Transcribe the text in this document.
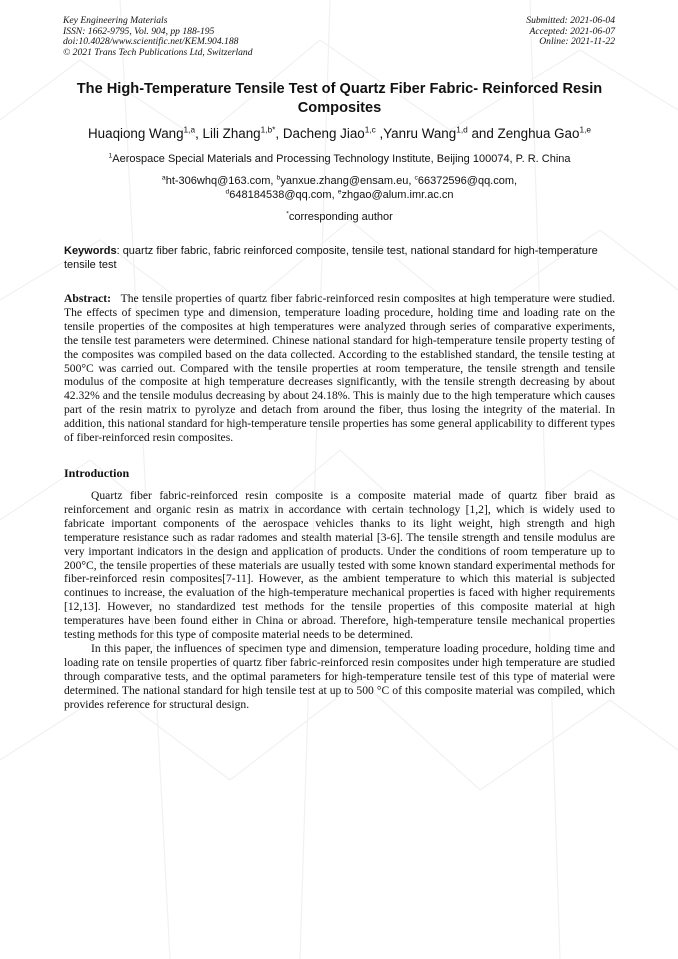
Key Engineering Materials
ISSN: 1662-9795, Vol. 904, pp 188-195
doi:10.4028/www.scientific.net/KEM.904.188
© 2021 Trans Tech Publications Ltd, Switzerland
Submitted: 2021-06-04
Accepted: 2021-06-07
Online: 2021-11-22
The High-Temperature Tensile Test of Quartz Fiber Fabric- Reinforced Resin Composites
Huaqiong Wang$^{1,a}$, Lili Zhang$^{1,b*}$, Dacheng Jiao$^{1,c}$ ,Yanru Wang$^{1,d}$ and Zenghua Gao$^{1,e}$
$^1$Aerospace Special Materials and Processing Technology Institute, Beijing 100074, P. R. China
$^a$ht-306whq@163.com, $^b$yanxue.zhang@ensam.eu, $^c$66372596@qq.com,
$^d$648184538@qq.com, $^e$zhgao@alum.imr.ac.cn
*corresponding author
Keywords: quartz fiber fabric, fabric reinforced composite, tensile test, national standard for high-temperature tensile test
Abstract: The tensile properties of quartz fiber fabric-reinforced resin composites at high temperature were studied. The effects of specimen type and dimension, temperature loading procedure, holding time and loading rate on the tensile properties of the composites at high temperatures were analyzed through series of comparative experiments, the tensile test parameters were determined. Chinese national standard for high-temperature tensile property testing of the composites was compiled based on the data collected. According to the established standard, the tensile testing at 500°C was carried out. Compared with the tensile properties at room temperature, the tensile strength and tensile modulus of the composite at high temperature decreases significantly, with the tensile strength decreasing by about 42.32% and the tensile modulus decreasing by about 24.18%. This is mainly due to the high temperature which causes part of the resin matrix to pyrolyze and detach from around the fiber, thus losing the integrity of the material. In addition, this national standard for high-temperature tensile properties has some general applicability to different types of fiber-reinforced resin composites.
Introduction
Quartz fiber fabric-reinforced resin composite is a composite material made of quartz fiber braid as reinforcement and organic resin as matrix in accordance with certain technology [1,2], which is widely used to fabricate important components of the aerospace vehicles thanks to its light weight, high strength and high temperature resistance such as radar radomes and stealth material [3-6]. The tensile strength and tensile modulus are very important indicators in the design and application of products. Under the conditions of room temperature up to 200°C, the tensile properties of these materials are usually tested with some known standard experimental methods for fiber-reinforced resin composites[7-11]. However, as the ambient temperature to which this material is subjected continues to increase, the evaluation of the high-temperature mechanical properties is faced with higher requirements [12,13]. However, no standardized test methods for the tensile properties of this composite material at high temperatures have been found either in China or abroad. Therefore, high-temperature tensile mechanical properties testing methods for this type of composite material needs to be determined.
In this paper, the influences of specimen type and dimension, temperature loading procedure, holding time and loading rate on tensile properties of quartz fiber fabric-reinforced resin composites under high temperature are studied through comparative tests, and the optimal parameters for high-temperature tensile test of this type of material were determined. The national standard for high tensile test at up to 500 °C of this composite material was compiled, which provides reference for structural design.
